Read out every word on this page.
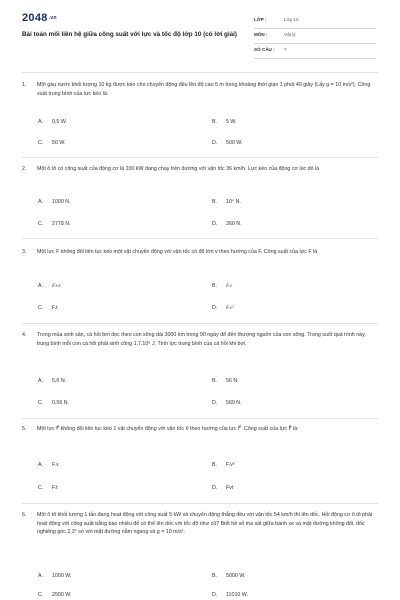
2048.vn
Bài toán mối liên hệ giữa công suất với lực và tốc độ lớp 10 (có lời giải)
LỚP :	Lớp 10
MÔN :	Vật lý
SỐ CÂU : 7
1. Một gàu nước khối lượng 10 kg được kéo cho chuyển động đều lên độ cao 5 m trong khoảng thời gian 1 phút 40 giây (Lấy g = 10 m/s²). Công suất trung bình của lực kéo là:
A. 0,5 W.	B. 5 W.
C. 50 W.	D. 500 W.
2. Một ô tô có công suất của động cơ là 100 kW đang chạy trên đường với vận tốc 36 km/h. Lực kéo của động cơ lúc đó là
A. 1000 N.	B. 10⁴ N.
C. 2778 N.	D. 360 N.
3. Một lực F không đổi liên tục kéo một vật chuyển động với vận tốc có độ lớn v theo hướng của F. Công suất của lực F là
A. F.v.t	B. F.v
C. F.t	D. F.v²
4. Trong mùa sinh sản, cá hồi bơi dọc theo con sông dài 3000 km trong 90 ngày để đến thượng nguồn của con sông. Trong suốt quá trình này, trung bình mỗi con cá hồi phải sinh công 1,7.10⁶ J. Tính lực trung bình của cá hồi khi bơi.
A. 5,6 N.	B. 56 N.
C. 0,56 N.	D. 560 N.
5. Một lực F⃗ không đổi liên tục kéo 1 vật chuyển động với vận tốc v⃗ theo hướng của lực F⃗ .Công suất của lực F⃗ là:
A. F.v	B. F.v²
C. F.t	D. Fvt
6. Một ô tô khối lượng 1 tấn đang hoạt động với công suất 5 kW và chuyển động thẳng đều với vận tốc 54 km/h thì lên dốc. Hỏi động cơ ô tô phải hoạt động với công suất bằng bao nhiêu để có thể lên dốc với tốc độ như cũ? Biết hệ số ma sát giữa bánh xe và mặt đường không đổi, dốc nghiêng góc 2,3° so với mặt đường nằm ngang và g = 10 m/s².
A. 1000 W.	B. 5000 W.
C. 2500 W.	D. 11010 W.
